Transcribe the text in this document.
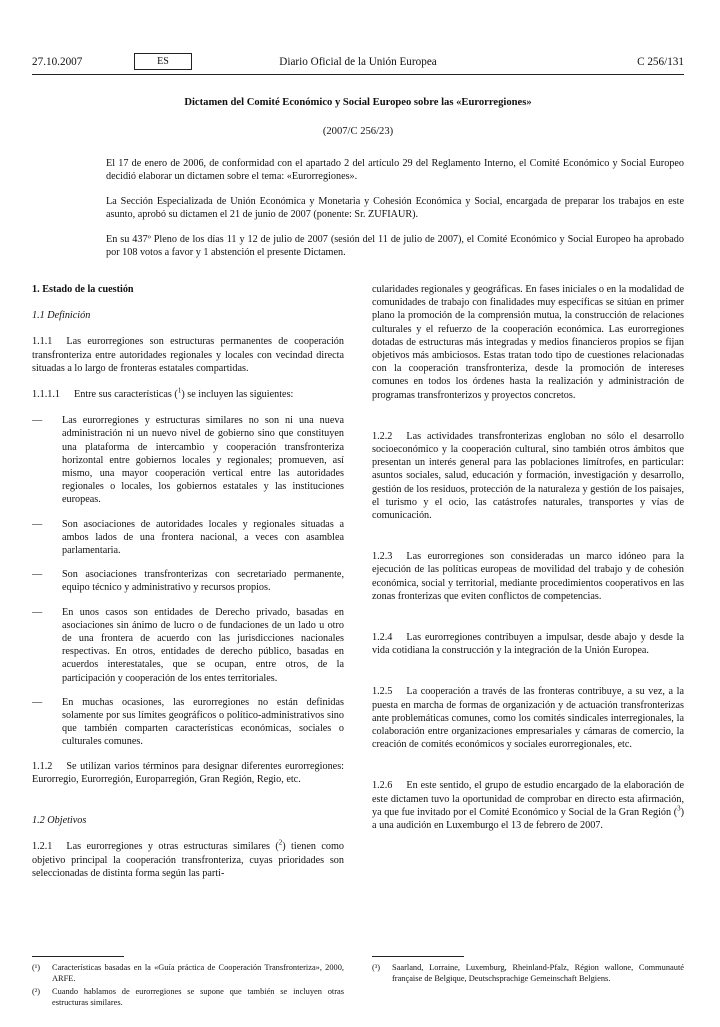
27.10.2007	ES	Diario Oficial de la Unión Europea	C 256/131
Dictamen del Comité Económico y Social Europeo sobre las «Eurorregiones»
(2007/C 256/23)

El 17 de enero de 2006, de conformidad con el apartado 2 del artículo 29 del Reglamento Interno, el Comité Económico y Social Europeo decidió elaborar un dictamen sobre el tema: «Eurorregiones».

La Sección Especializada de Unión Económica y Monetaria y Cohesión Económica y Social, encargada de preparar los trabajos en este asunto, aprobó su dictamen el 21 de junio de 2007 (ponente: Sr. ZUFIAUR).

En su 437º Pleno de los días 11 y 12 de julio de 2007 (sesión del 11 de julio de 2007), el Comité Económico y Social Europeo ha aprobado por 108 votos a favor y 1 abstención el presente Dictamen.

1. Estado de la cuestión

1.1 Definición

1.1.1 Las eurorregiones son estructuras permanentes de cooperación transfronteriza entre autoridades regionales y locales con vecindad directa situadas a lo largo de fronteras estatales compartidas.

1.1.1.1 Entre sus características ($^1$) se incluyen las siguientes:

— Las eurorregiones y estructuras similares no son ni una nueva administración ni un nuevo nivel de gobierno sino que constituyen una plataforma de intercambio y cooperación transfronteriza horizontal entre gobiernos locales y regionales; promueven, así mismo, una mayor cooperación vertical entre las autoridades regionales o locales, los gobiernos estatales y las instituciones europeas.
— Son asociaciones de autoridades locales y regionales situadas a ambos lados de una frontera nacional, a veces con asamblea parlamentaria.
— Son asociaciones transfronterizas con secretariado permanente, equipo técnico y administrativo y recursos propios.
— En unos casos son entidades de Derecho privado, basadas en asociaciones sin ánimo de lucro o de fundaciones de un lado u otro de una frontera de acuerdo con las jurisdicciones nacionales respectivas. En otros, entidades de derecho público, basadas en acuerdos interestatales, que se ocupan, entre otros, de la participación y cooperación de los entes territoriales.
— En muchas ocasiones, las eurorregiones no están definidas solamente por sus límites geográficos o político-administrativos sino que también comparten características económicas, sociales o culturales comunes.

1.1.2 Se utilizan varios términos para designar diferentes eurorregiones: Eurorregio, Eurorregión, Europarregión, Gran Región, Regio, etc.

1.2 Objetivos

1.2.1 Las eurorregiones y otras estructuras similares ($^2$) tienen como objetivo principal la cooperación transfronteriza, cuyas prioridades son seleccionadas de distinta forma según las parti-

cularidades regionales y geográficas. En fases iniciales o en la modalidad de comunidades de trabajo con finalidades muy específicas se sitúan en primer plano la promoción de la comprensión mutua, la construcción de relaciones culturales y el refuerzo de la cooperación económica. Las eurorregiones dotadas de estructuras más integradas y medios financieros propios se fijan objetivos más ambiciosos. Estas tratan todo tipo de cuestiones relacionadas con la cooperación transfronteriza, desde la promoción de intereses comunes en todos los órdenes hasta la realización y administración de programas transfronterizos y proyectos concretos.

1.2.2 Las actividades transfronterizas engloban no sólo el desarrollo socioeconómico y la cooperación cultural, sino también otros ámbitos que presentan un interés general para las poblaciones limítrofes, en particular: asuntos sociales, salud, educación y formación, investigación y desarrollo, gestión de los residuos, protección de la naturaleza y gestión de los paisajes, el turismo y el ocio, las catástrofes naturales, transportes y vías de comunicación.

1.2.3 Las eurorregiones son consideradas un marco idóneo para la ejecución de las políticas europeas de movilidad del trabajo y de cohesión económica, social y territorial, mediante procedimientos cooperativos en las zonas fronterizas que eviten conflictos de competencias.

1.2.4 Las eurorregiones contribuyen a impulsar, desde abajo y desde la vida cotidiana la construcción y la integración de la Unión Europea.

1.2.5 La cooperación a través de las fronteras contribuye, a su vez, a la puesta en marcha de formas de organización y de actuación transfronterizas ante problemáticas comunes, como los comités sindicales interregionales, la colaboración entre organizaciones empresariales y cámaras de comercio, la creación de comités económicos y sociales eurorregionales, etc.

1.2.6 En este sentido, el grupo de estudio encargado de la elaboración de este dictamen tuvo la oportunidad de comprobar en directo esta afirmación, ya que fue invitado por el Comité Económico y Social de la Gran Región ($^3$) a una audición en Luxemburgo el 13 de febrero de 2007.

(¹) Características basadas en la «Guía práctica de Cooperación Transfronteriza», 2000, ARFE.
(²) Cuando hablamos de eurorregiones se supone que también se incluyen otras estructuras similares.
(³) Saarland, Lorraine, Luxemburg, Rheinland-Pfalz, Région wallone, Communauté française de Belgique, Deutschsprachige Gemeinschaft Belgiens.
